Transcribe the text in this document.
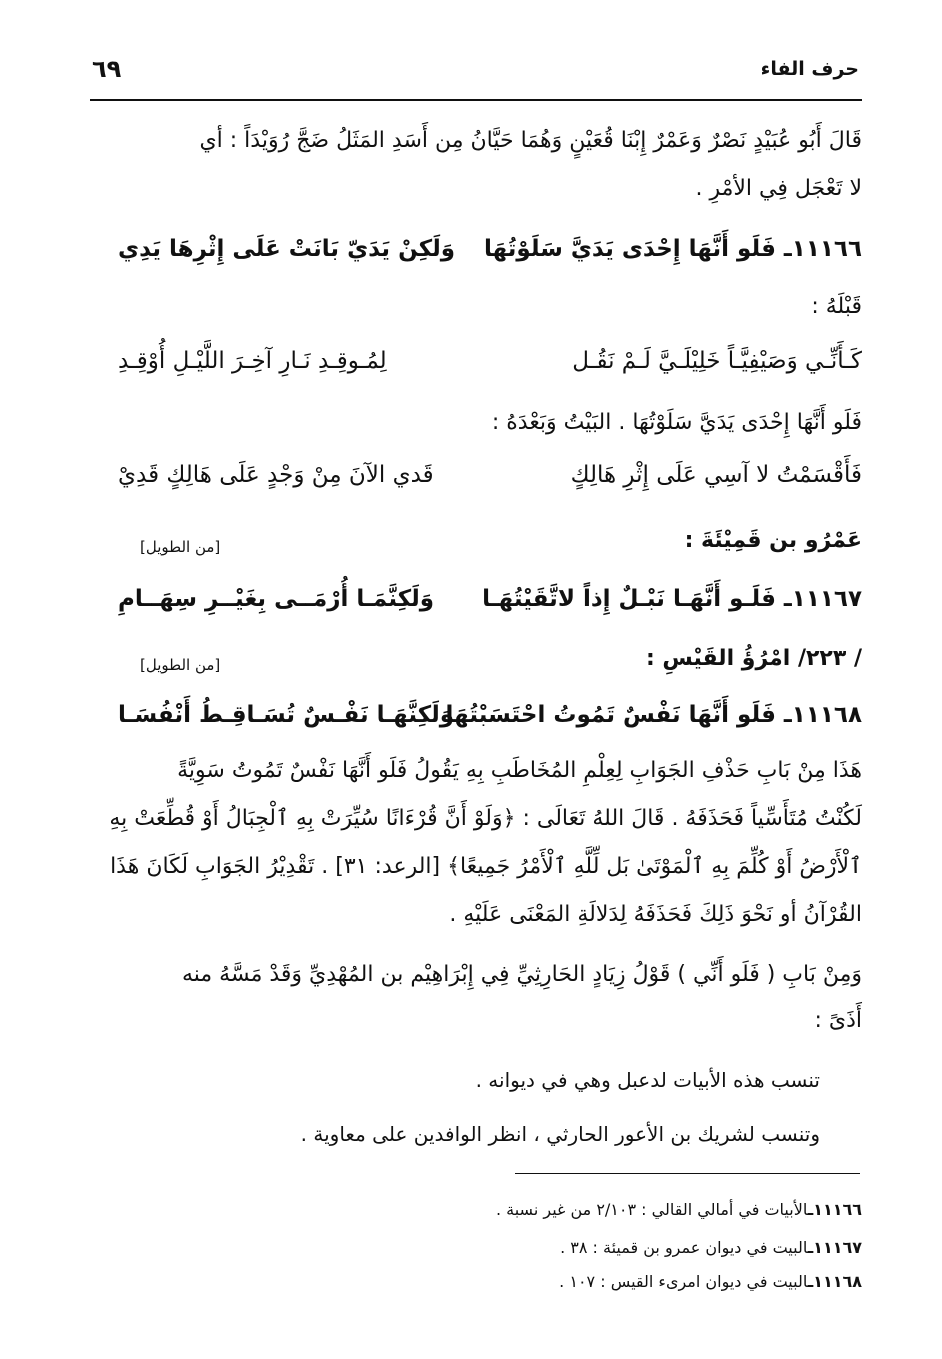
حرف الفاء
٦٩
قَالَ أَبُو عُبَيْدٍ نَصْرٌ وَعَمْرٌ إِبْنَا قُعَيْنٍ وَهُمَا حَيَّانُ مِن أَسَدِ المَثَلُ ضَجَّ رُوَيْدَاً : أي
لا تَعْجَل فِي الأمْرِ .
١١١٦٦ـ فَلَو أَنَّهَا إِحْدَى يَدَيَّ سَلَوْتُهَا
وَلَكِنْ يَدَيّ بَانَتْ عَلَى إِثْرِهَا يَدِي
قَبْلَهُ :
كَـأَنِّـي وَصَيْفِيَّـاً خَلِيْلَـيَّ لَـمْ نَقُـل
لِمُـوقِـدِ نَـارِ آخِـرَ اللَّيْـلِ أُوْقِـدِ
فَلَو أَنَّهَا إِحْدَى يَدَيَّ سَلَوْتُهَا . البَيْتُ وَبَعْدَهُ :
فَأَقْسَمْتُ لا آسِي عَلَى إِثْرِ هَالِكٍ
قَدي الآنَ مِنْ وَجْدٍ عَلَى هَالِكٍ قَدِيْ
عَمْرُو بن قَمِيْئَةَ :
[من الطويل]
١١١٦٧ـ فَلَـو أَنَّهَـا نَبْـلٌ إِذاً لاتَّقَيْتُهَـا
وَلَكِنَّمَـا أُرْمَــى بِغَيْــرِ سِهَــامِ
/ ٢٢٣/ امْرُؤُ القَيْسِ :
[من الطويل]
١١١٦٨ـ فَلَو أَنَّهَا نَفْسٌ تَمُوتُ احْتَسَبْتُهَا
وَلَكِنَّهَـا نَفْـسٌ تُسَـاقِـطُ أَنْفُسَـا
هَذَا مِنْ بَابِ حَذْفِ الجَوَابِ لِعِلْمِ المُخَاطَبِ بِهِ يَقُولُ فَلَو أَنَّهَا نَفْسٌ تَمُوتُ سَوِيَّةً
لَكُنْتُ مُتَأَسِّياً فَحَذَفَهُ . قَالَ اللهُ تَعَالَى : ﴿وَلَوْ أَنَّ قُرْءَانًا سُيِّرَتْ بِهِ ٱلْجِبَالُ أَوْ قُطِّعَتْ بِهِ
ٱلْأَرْضُ أَوْ كُلِّمَ بِهِ ٱلْمَوْتَىٰ بَل لِّلَّهِ ٱلْأَمْرُ جَمِيعًا﴾ [الرعد: ٣١] . تَقْدِيْرُ الجَوَابِ لَكَانَ هَذَا
القُرْآنُ أو نَحْوَ ذَلِكَ فَحَذَفَهُ لِدَلالَةِ المَعْنَى عَلَيْهِ .
وَمِنْ بَابِ ( فَلَو أَنِّي ) قَوْلُ زِيَادٍ الحَارِثِيِّ فِي إِبْرَاهِيْم بن المُهْدِيِّ وَقَدْ مَسَّهُ منه
أَذَىً :
تنسب هذه الأبيات لدعبل وهي في ديوانه .
وتنسب لشريك بن الأعور الحارثي ، انظر الوافدين على معاوية .
١١١٦٦ـالأبيات في أمالي القالي : ٢/١٠٣ من غير نسبة .
١١١٦٧ـالبيت في ديوان عمرو بن قميئة : ٣٨ .
١١١٦٨ـالبيت في ديوان امرىء القيس : ١٠٧ .
